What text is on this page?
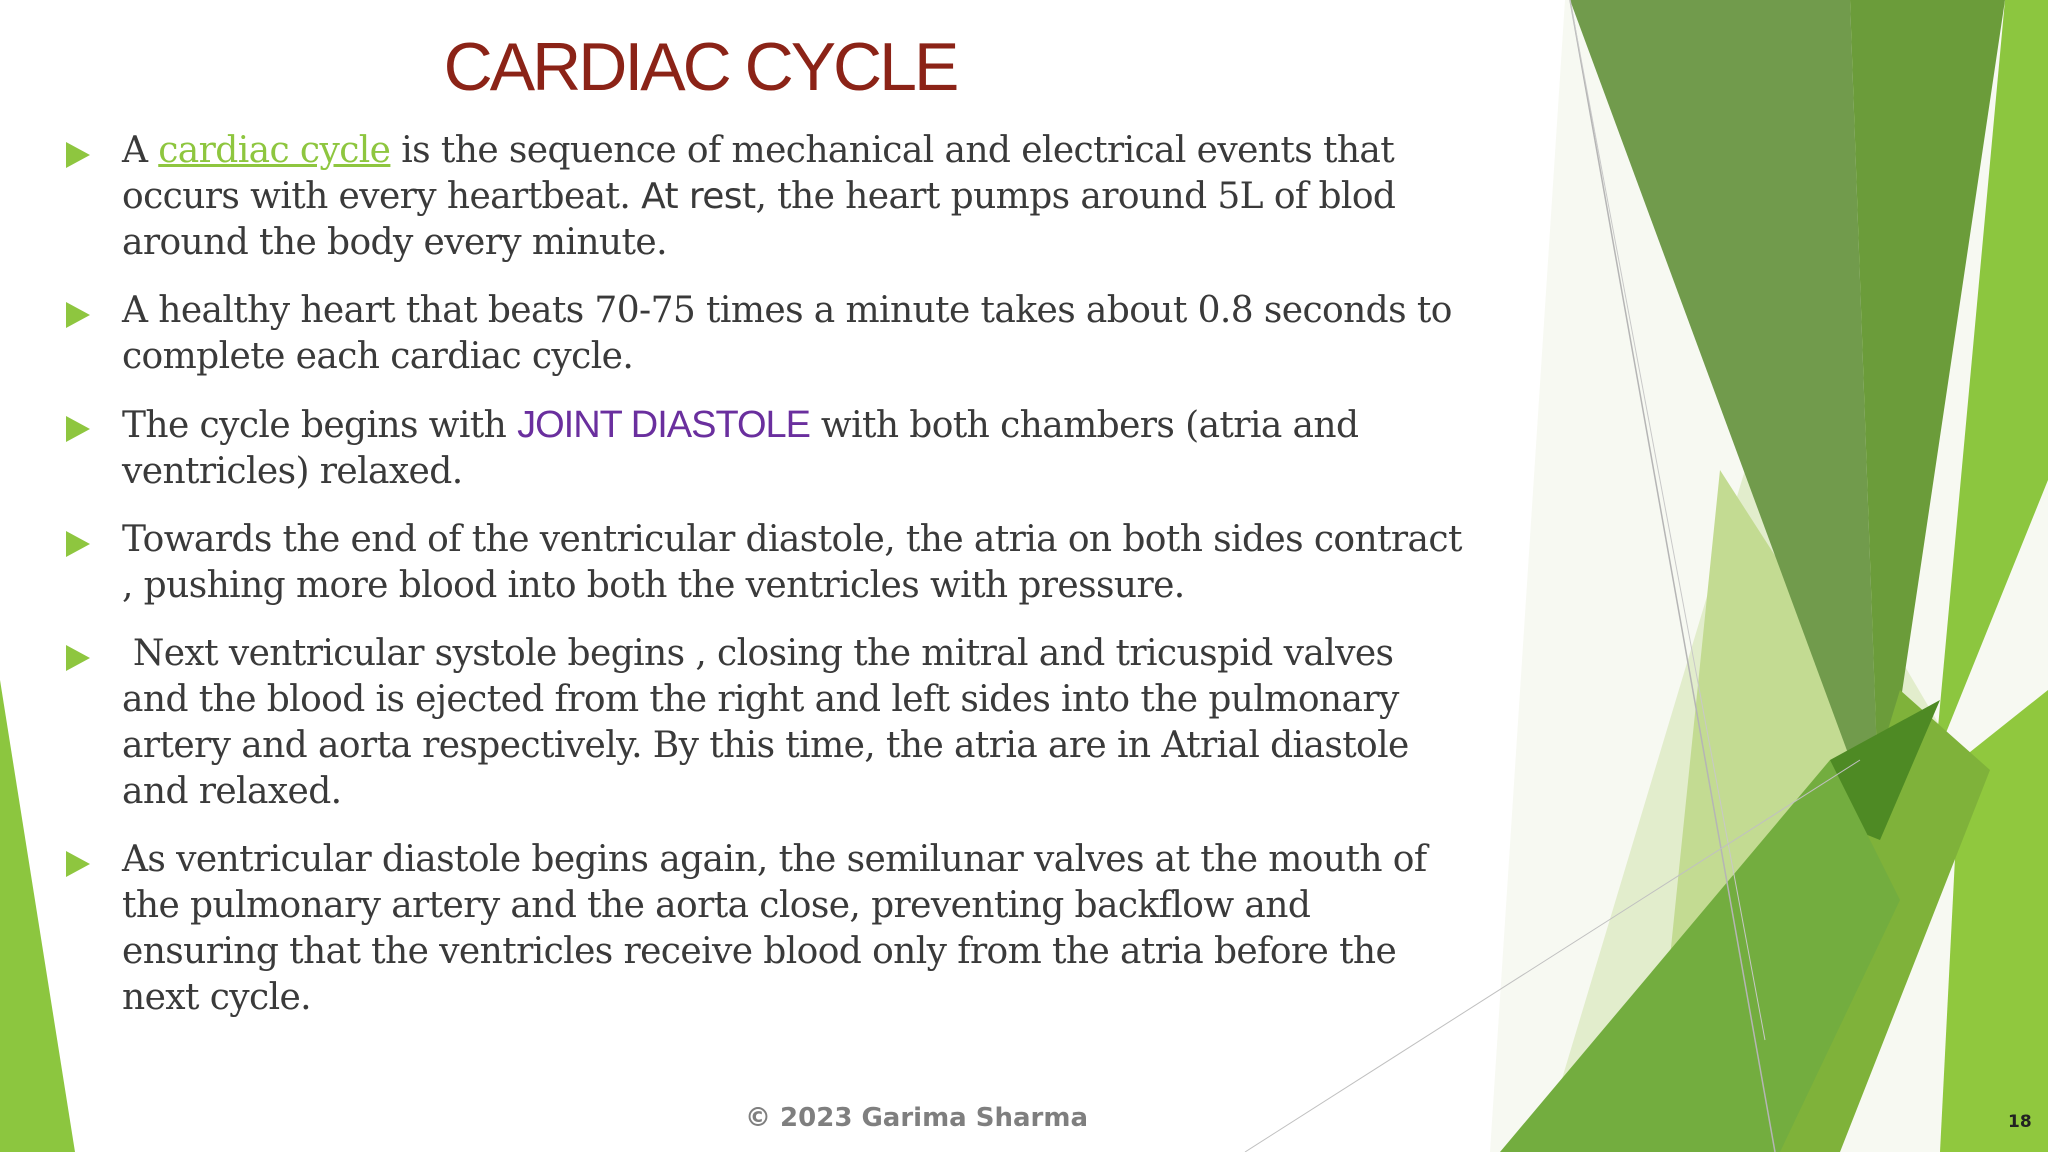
CARDIAC CYCLE

A cardiac cycle is the sequence of mechanical and electrical events that occurs with every heartbeat. At rest, the heart pumps around 5L of blod around the body every minute.

A healthy heart that beats 70-75 times a minute takes about 0.8 seconds to complete each cardiac cycle.

The cycle begins with JOINT DIASTOLE with both chambers (atria and ventricles) relaxed.

Towards the end of the ventricular diastole, the atria on both sides contract , pushing more blood into both the ventricles with pressure.

Next ventricular systole begins , closing the mitral and tricuspid valves and the blood is ejected from the right and left sides into the pulmonary artery and aorta respectively. By this time, the atria are in Atrial diastole and relaxed.

As ventricular diastole begins again, the semilunar valves at the mouth of the pulmonary artery and the aorta close, preventing backflow and ensuring that the ventricles receive blood only from the atria before the next cycle.

© 2023 Garima Sharma	18
